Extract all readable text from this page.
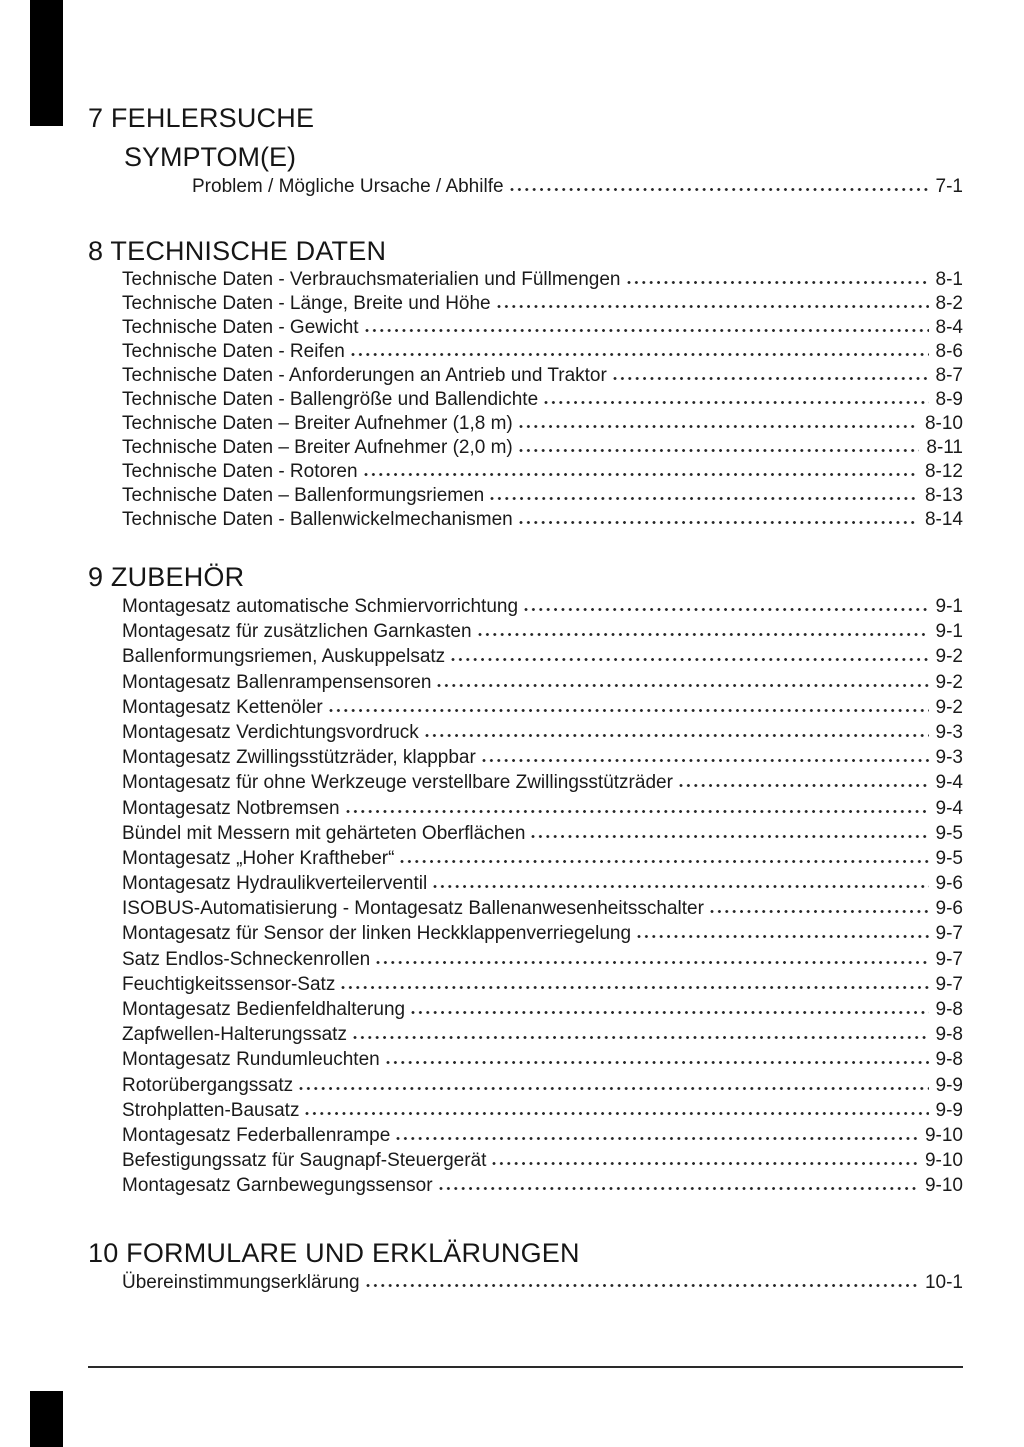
7 FEHLERSUCHE
SYMPTOM(E)
Problem / Mögliche Ursache / Abhilfe	7-1
8 TECHNISCHE DATEN
Technische Daten - Verbrauchsmaterialien und Füllmengen	8-1
Technische Daten - Länge, Breite und Höhe	8-2
Technische Daten - Gewicht	8-4
Technische Daten - Reifen	8-6
Technische Daten - Anforderungen an Antrieb und Traktor	8-7
Technische Daten - Ballengröße und Ballendichte	8-9
Technische Daten – Breiter Aufnehmer (1,8 m)	8-10
Technische Daten – Breiter Aufnehmer (2,0 m)	8-11
Technische Daten - Rotoren	8-12
Technische Daten – Ballenformungsriemen	8-13
Technische Daten - Ballenwickelmechanismen	8-14
9 ZUBEHÖR
Montagesatz automatische Schmiervorrichtung	9-1
Montagesatz für zusätzlichen Garnkasten	9-1
Ballenformungsriemen, Auskuppelsatz	9-2
Montagesatz Ballenrampensensoren	9-2
Montagesatz Kettenöler	9-2
Montagesatz Verdichtungsvordruck	9-3
Montagesatz Zwillingsstützräder, klappbar	9-3
Montagesatz für ohne Werkzeuge verstellbare Zwillingsstützräder	9-4
Montagesatz Notbremsen	9-4
Bündel mit Messern mit gehärteten Oberflächen	9-5
Montagesatz „Hoher Kraftheber“	9-5
Montagesatz Hydraulikverteilerventil	9-6
ISOBUS-Automatisierung - Montagesatz Ballenanwesenheitsschalter	9-6
Montagesatz für Sensor der linken Heckklappenverriegelung	9-7
Satz Endlos-Schneckenrollen	9-7
Feuchtigkeitssensor-Satz	9-7
Montagesatz Bedienfeldhalterung	9-8
Zapfwellen-Halterungssatz	9-8
Montagesatz Rundumleuchten	9-8
Rotorübergangssatz	9-9
Strohplatten-Bausatz	9-9
Montagesatz Federballenrampe	9-10
Befestigungssatz für Saugnapf-Steuergerät	9-10
Montagesatz Garnbewegungssensor	9-10
10 FORMULARE UND ERKLÄRUNGEN
Übereinstimmungserklärung	10-1
